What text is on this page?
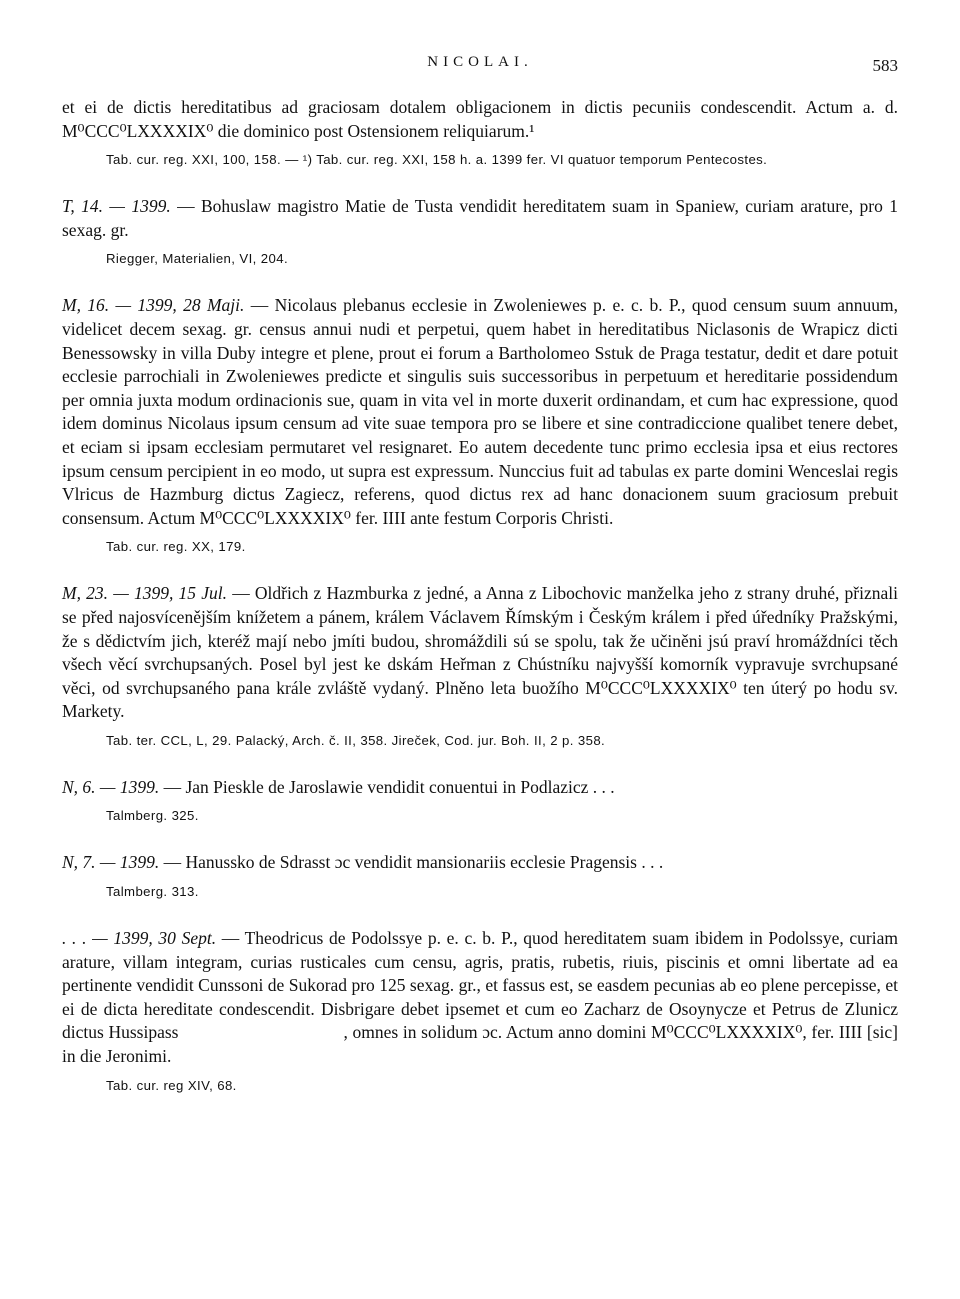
NICOLAI.	583

et ei de dictis hereditatibus ad graciosam dotalem obligacionem in dictis pecuniis condescendit. Actum a. d. M⁰CCC⁰LXXXXIX⁰ die dominico post Ostensionem reliquiarum.¹

Tab. cur. reg. XXI, 100, 158. — ¹) Tab. cur. reg. XXI, 158 h. a. 1399 fer. VI quatuor temporum Pentecostes.

T, 14. — 1399. — Bohuslaw magistro Matie de Tusta vendidit hereditatem suam in Spaniew, curiam arature, pro 1 sexag. gr.

Riegger, Materialien, VI, 204.

M, 16. — 1399, 28 Maji. — Nicolaus plebanus ecclesie in Zwoleniewes p. e. c. b. P., quod censum suum annuum, videlicet decem sexag. gr. census annui nudi et perpetui, quem habet in hereditatibus Niclasonis de Wrapicz dicti Benessowsky in villa Duby integre et plene, prout ei forum a Bartholomeo Sstuk de Praga testatur, dedit et dare potuit ecclesie parrochiali in Zwoleniewes predicte et singulis suis successoribus in perpetuum et hereditarie possidendum per omnia juxta modum ordinacionis sue, quam in vita vel in morte duxerit ordinandam, et cum hac expressione, quod idem dominus Nicolaus ipsum censum ad vite suae tempora pro se libere et sine contradiccione qualibet tenere debet, et eciam si ipsam ecclesiam permutaret vel resignaret. Eo autem decedente tunc primo ecclesia ipsa et eius rectores ipsum censum percipient in eo modo, ut supra est expressum. Nunccius fuit ad tabulas ex parte domini Wenceslai regis Vlricus de Hazmburg dictus Zagiecz, referens, quod dictus rex ad hanc donacionem suum graciosum prebuit consensum. Actum M⁰CCC⁰LXXXXIX⁰ fer. IIII ante festum Corporis Christi.

Tab. cur. reg. XX, 179.

M, 23. — 1399, 15 Jul. — Oldřich z Hazmburka z jedné, a Anna z Libochovic manželka jeho z strany druhé, přiznali se před najosvícenějším knížetem a pánem, králem Václavem Římským i Českým králem i před úředníky Pražskými, že s dědictvím jich, kteréž mají nebo jmíti budou, shromáždili sú se spolu, tak že učiněni jsú praví hromáždníci těch všech věcí svrchupsaných. Posel byl jest ke dskám Heřman z Chústníku najvyšší komorník vypravuje svrchupsané věci, od svrchupsaného pana krále zvláště vydaný. Plněno leta buožího M⁰CCC⁰LXXXXIX⁰ ten úterý po hodu sv. Markety.

Tab. ter. CCL, L, 29. Palacký, Arch. č. II, 358. Jireček, Cod. jur. Boh. II, 2 p. 358.

N, 6. — 1399. — Jan Pieskle de Jaroslawie vendidit conuentui in Podlazicz . . .

Talmberg. 325.

N, 7. — 1399. — Hanussko de Sdrasst ɔc vendidit mansionariis ecclesie Pragensis . . .

Talmberg. 313.

. . . — 1399, 30 Sept. — Theodricus de Podolssye p. e. c. b. P., quod hereditatem suam ibidem in Podolssye, curiam arature, villam integram, curias rusticales cum censu, agris, pratis, rubetis, riuis, piscinis et omni libertate ad ea pertinente vendidit Cunssoni de Sukorad pro 125 sexag. gr., et fassus est, se easdem pecunias ab eo plene percepisse, et ei de dicta hereditate condescendit. Disbrigare debet ipsemet et cum eo Zacharz de Osoynycze et Petrus de Zlunicz dictus Hussipass	, omnes in solidum ɔc. Actum anno domini M⁰CCC⁰LXXXXIX⁰, fer. IIII [sic] in die Jeronimi.

Tab. cur. reg XIV, 68.
